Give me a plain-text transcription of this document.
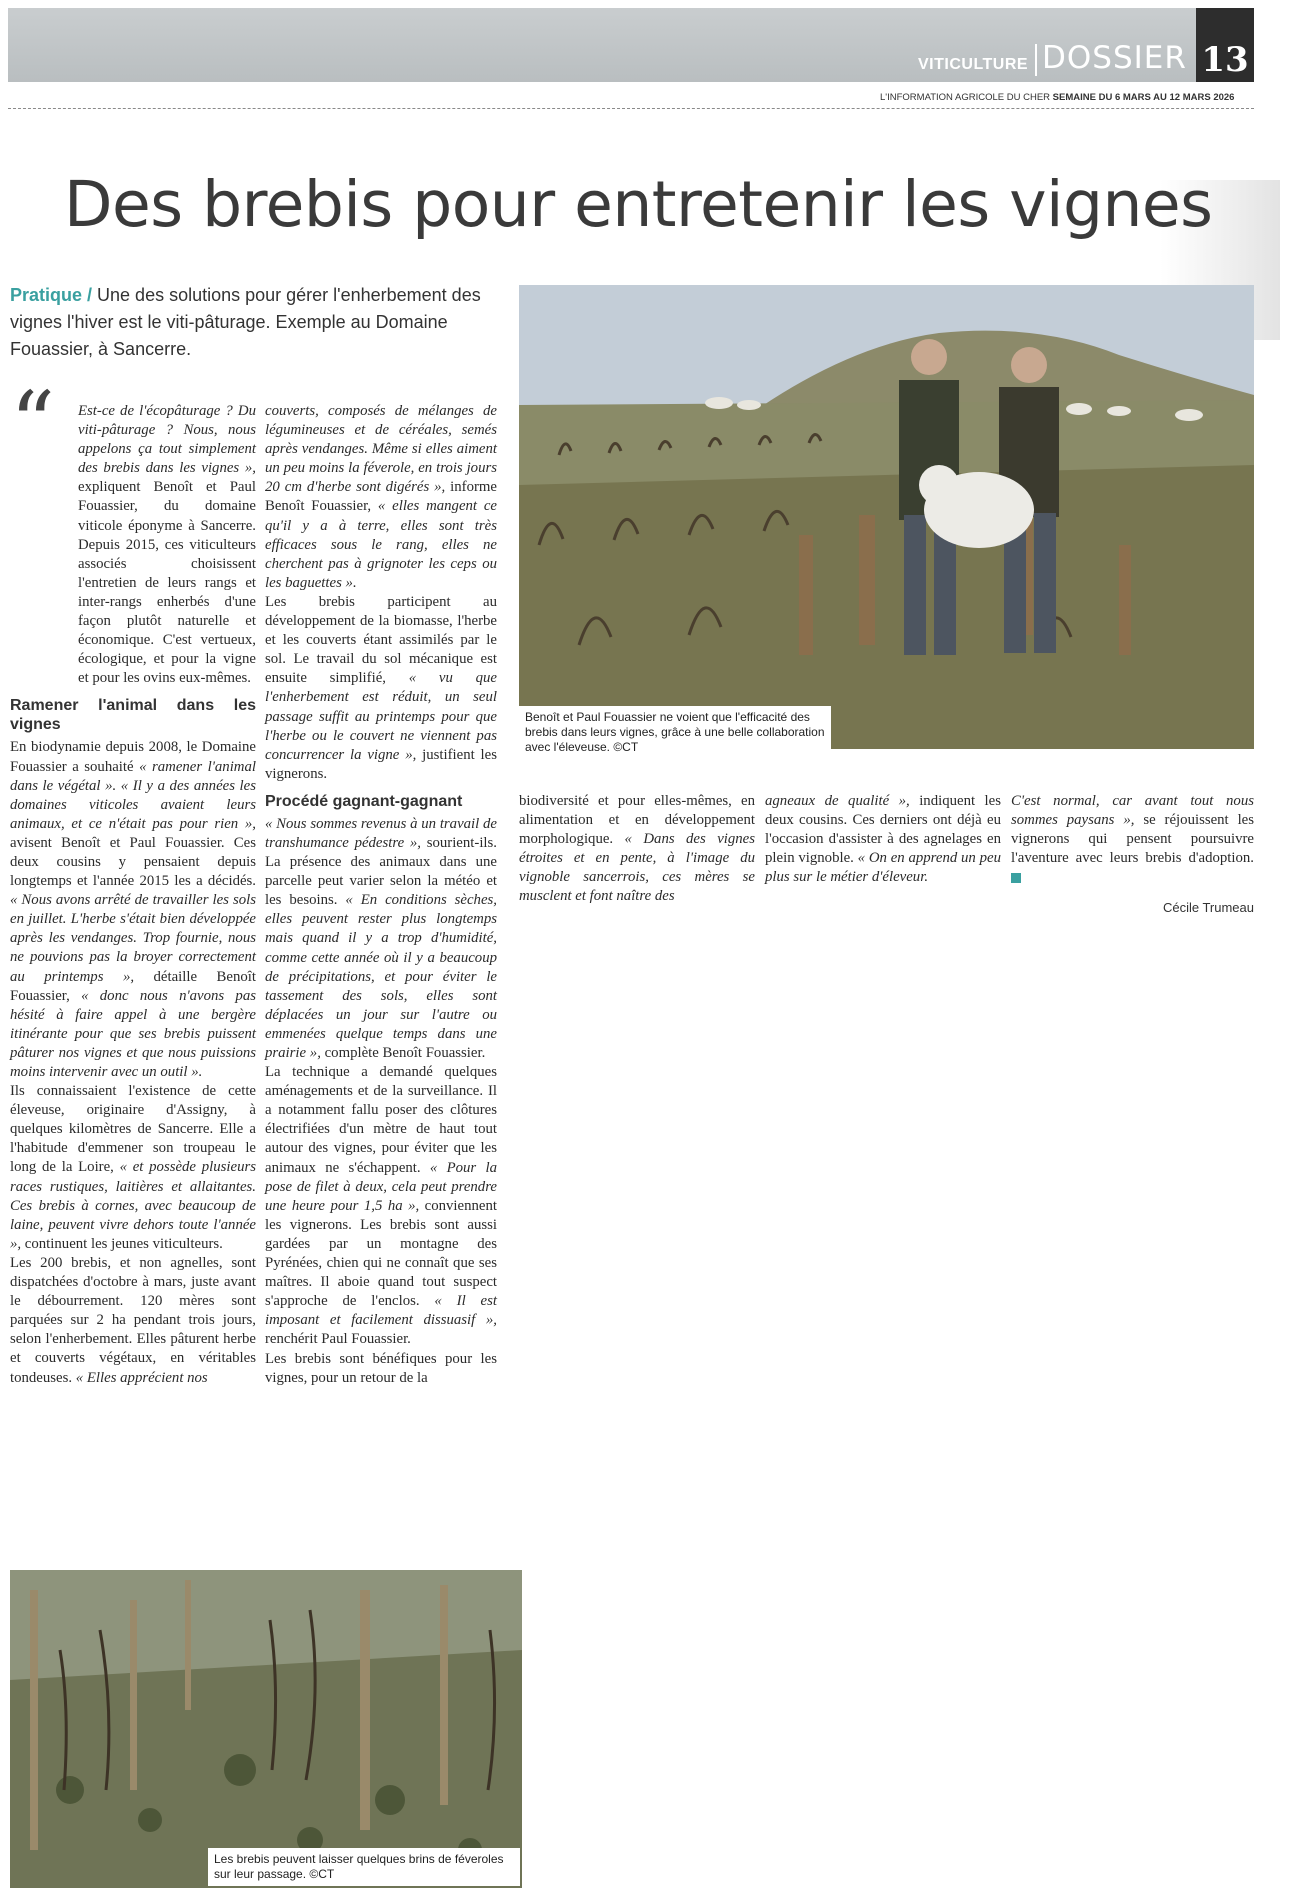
VITICULTURE DOSSIER 13
L'INFORMATION AGRICOLE DU CHER SEMAINE DU 6 MARS AU 12 MARS 2026
Des brebis pour entretenir les vignes
Pratique / Une des solutions pour gérer l'enherbement des vignes l'hiver est le viti-pâturage. Exemple au Domaine Fouassier, à Sancerre.
Benoît et Paul Fouassier ne voient que l'efficacité des brebis dans leurs vignes, grâce à une belle collaboration avec l'éleveuse. ©CT
“	Est-ce de l'écopâturage ? Du viti-pâturage ? Nous, nous appelons ça tout simplement des brebis dans les vignes », expliquent Benoît et Paul Fouassier, du domaine viticole éponyme à Sancerre. Depuis 2015, ces viticulteurs associés choisissent l'entretien de leurs rangs et inter-rangs enherbés d'une façon plutôt naturelle et économique. C'est vertueux, écologique, et pour la vigne et pour les ovins eux-mêmes.

Ramener l'animal dans les vignes

En biodynamie depuis 2008, le Domaine Fouassier a souhaité « ramener l'animal dans le végétal ». « Il y a des années les domaines viticoles avaient leurs animaux, et ce n'était pas pour rien », avisent Benoît et Paul Fouassier. Ces deux cousins y pensaient depuis longtemps et l'année 2015 les a décidés. « Nous avons arrêté de travailler les sols en juillet. L'herbe s'était bien développée après les vendanges. Trop fournie, nous ne pouvions pas la broyer correctement au printemps », détaille Benoît Fouassier, « donc nous n'avons pas hésité à faire appel à une bergère itinérante pour que ses brebis puissent pâturer nos vignes et que nous puissions moins intervenir avec un outil ».

Ils connaissaient l'existence de cette éleveuse, originaire d'Assigny, à quelques kilomètres de Sancerre. Elle a l'habitude d'emmener son troupeau le long de la Loire, « et possède plusieurs races rustiques, laitières et allaitantes. Ces brebis à cornes, avec beaucoup de laine, peuvent vivre dehors toute l'année », continuent les jeunes viticulteurs.

Les 200 brebis, et non agnelles, sont dispatchées d'octobre à mars, juste avant le débourrement. 120 mères sont parquées sur 2 ha pendant trois jours, selon l'enherbement. Elles pâturent herbe et couverts végétaux, en véritables tondeuses. « Elles apprécient nos

couverts, composés de mélanges de légumineuses et de céréales, semés après vendanges. Même si elles aiment un peu moins la féverole, en trois jours 20 cm d'herbe sont digérés », informe Benoît Fouassier, « elles mangent ce qu'il y a à terre, elles sont très efficaces sous le rang, elles ne cherchent pas à grignoter les ceps ou les baguettes ».

Les brebis participent au développement de la biomasse, l'herbe et les couverts étant assimilés par le sol. Le travail du sol mécanique est ensuite simplifié, « vu que l'enherbement est réduit, un seul passage suffit au printemps pour que l'herbe ou le couvert ne viennent pas concurrencer la vigne », justifient les vignerons.

Procédé gagnant-gagnant

« Nous sommes revenus à un travail de transhumance pédestre », sourient-ils. La présence des animaux dans une parcelle peut varier selon la météo et les besoins. « En conditions sèches, elles peuvent rester plus longtemps mais quand il y a trop d'humidité, comme cette année où il y a beaucoup de précipitations, et pour éviter le tassement des sols, elles sont déplacées un jour sur l'autre ou emmenées quelque temps dans une prairie », complète Benoît Fouassier.

La technique a demandé quelques aménagements et de la surveillance. Il a notamment fallu poser des clôtures électrifiées d'un mètre de haut tout autour des vignes, pour éviter que les animaux ne s'échappent. « Pour la pose de filet à deux, cela peut prendre une heure pour 1,5 ha », conviennent les vignerons. Les brebis sont aussi gardées par un montagne des Pyrénées, chien qui ne connaît que ses maîtres. Il aboie quand tout suspect s'approche de l'enclos. « Il est imposant et facilement dissuasif », renchérit Paul Fouassier.

Les brebis sont bénéfiques pour les vignes, pour un retour de la

biodiversité et pour elles-mêmes, en alimentation et en développement morphologique. « Dans des vignes étroites et en pente, à l'image du vignoble sancerrois, ces mères se musclent et font naître des

agneaux de qualité », indiquent les deux cousins. Ces derniers ont déjà eu l'occasion d'assister à des agnelages en plein vignoble. « On en apprend un peu plus sur le métier d'éleveur.

C'est normal, car avant tout nous sommes paysans », se réjouissent les vignerons qui pensent poursuivre l'aventure avec leurs brebis d'adoption.

Cécile Trumeau
Les brebis peuvent laisser quelques brins de féveroles sur leur passage. ©CT
